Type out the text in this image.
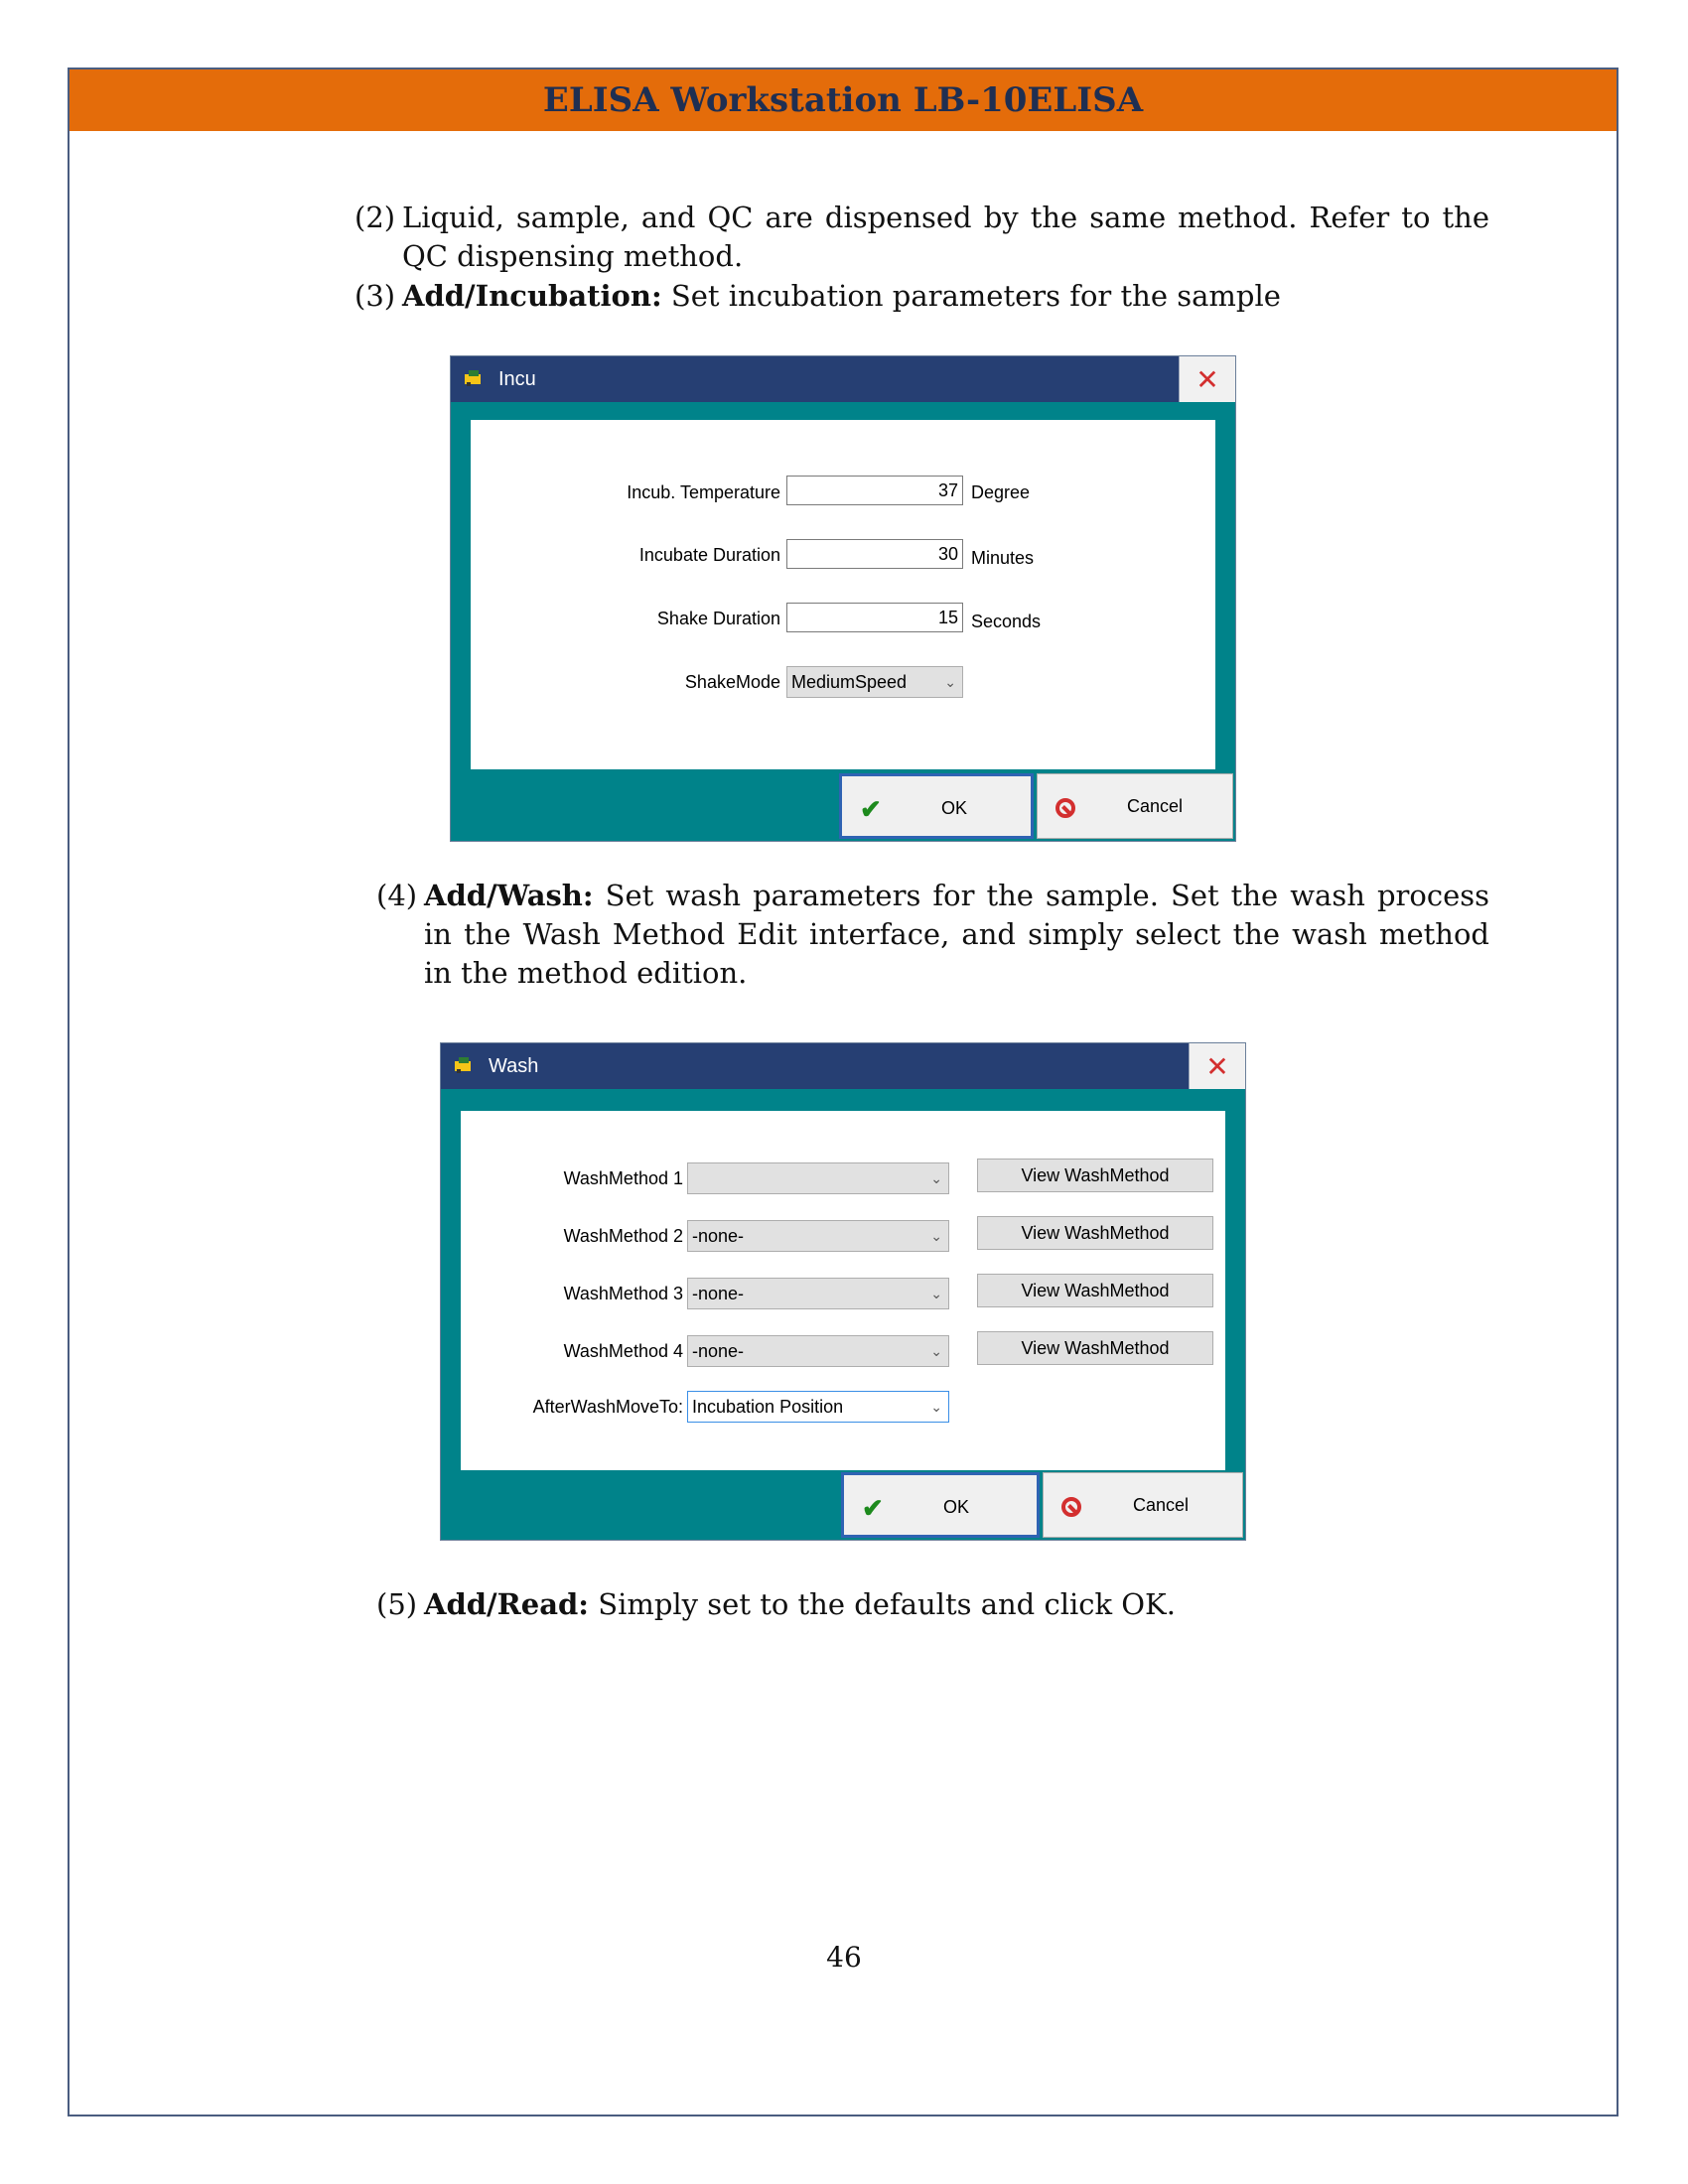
ELISA Workstation LB-10ELISA
(2) Liquid, sample, and QC are dispensed by the same method. Refer to the QC dispensing method.
(3) Add/Incubation: Set incubation parameters for the sample
Incu	✕
Incub. Temperature	37 Degree
Incubate Duration	30 Minutes
Shake Duration	15 Seconds
ShakeMode MediumSpeed	⌄
✔	OK	Cancel
(4) Add/Wash: Set wash parameters for the sample. Set the wash process in the Wash Method Edit interface, and simply select the wash method in the method edition.
Wash	✕
WashMethod 1	⌄	View WashMethod
WashMethod 2 -none-	⌄	View WashMethod
WashMethod 3 -none-	⌄	View WashMethod
WashMethod 4 -none-	⌄	View WashMethod
AfterWashMoveTo: Incubation Position	⌄
✔	OK	Cancel
(5) Add/Read: Simply set to the defaults and click OK.
46
